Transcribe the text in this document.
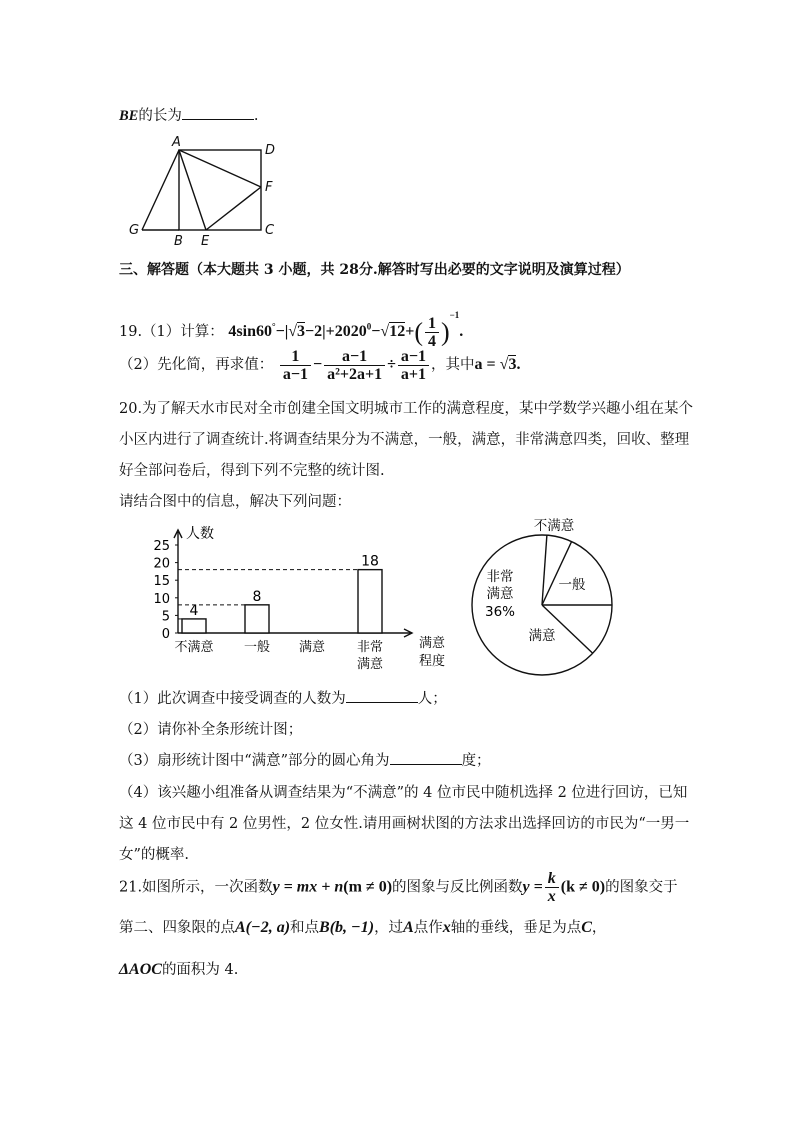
BE的长为	.
A
D
F
G
B E
C
三、解答题（本大题共 3 小题，共 28分.解答时写出必要的文字说明及演算过程）
19.（1）计算： $4\sin 60^\circ-|√3-2|+2020^0-√12+( \frac{1}{4} )^{-1}$.
（2）先化简，再求值： $\frac{1}{a-1} - \frac{a-1}{\text{a²+2a+1}} \div \frac{a-1}{a+1}$ ，其中a = √3.
20.为了解天水市民对全市创建全国文明城市工作的满意程度，某中学数学兴趣小组在某个
小区内进行了调查统计.将调查结果分为不满意，一般，满意，非常满意四类，回收、整理
好全部问卷后，得到下列不完整的统计图.
请结合图中的信息，解决下列问题：
人数
0
5
10
15
20
25
4
8
18
不满意 一般 满意 非常
满意
满意
程度
不满意
一般
满意
非常
满意
36%
（1）此次调查中接受调查的人数为	人；
（2）请你补全条形统计图；
（3）扇形统计图中“满意”部分的圆心角为	度；
（4）该兴趣小组准备从调查结果为“不满意”的 4 位市民中随机选择 2 位进行回访，已知
这 4 位市民中有 2 位男性，2 位女性.请用画树状图的方法求出选择回访的市民为“一男一
女”的概率.
21.如图所示，一次函数y = mx + n(m ≠ 0)的图象与反比例函数$y = \frac{k}{x} (k \ne 0)$的图象交于
第二、四象限的点A(−2, a)和点B(b, −1)，过A点作x轴的垂线，垂足为点C，
ΔAOC的面积为 4.
